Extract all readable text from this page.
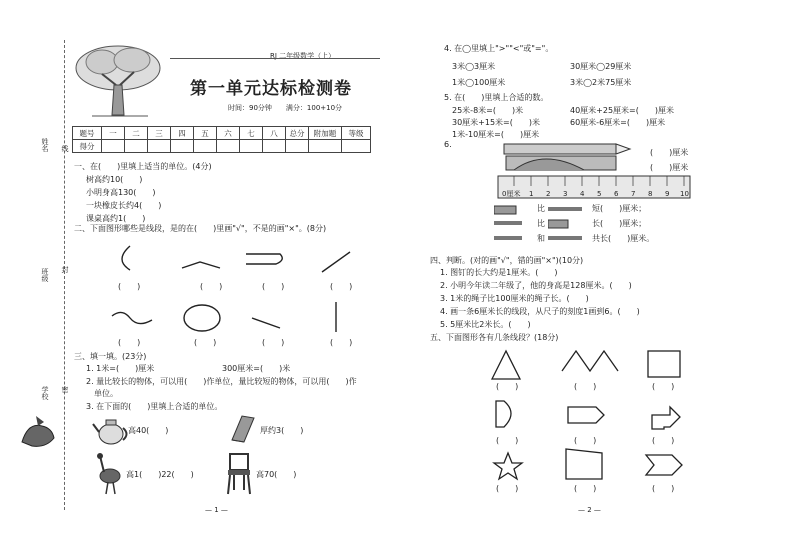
姓名 线
班级 封
学校 密
RJ 二年级数学（上）
第一单元达标检测卷
时间：90分钟　　满分：100+10分
题号	一	二	三	四	五	六	七	八	总分	附加题	等级
得分											
一、在(　　)里填上适当的单位。(4分)
树高约10(　　)
小明身高130(　　)
一块橡皮长约4(　　)
课桌高约1(　　)
二、下面图形哪些是线段，是的在(　　)里画"√"，不是的画"×"。(8分)
(　　)	(　　)	(　　)	(　　)
(　　)	(　　)	(　　)	(　　)
三、填一填。(23分)
1. 1米=(　　)厘米	300厘米=(　　)米
2. 量比较长的物体，可以用(　　)作单位，量比较短的物体，可以用(　　)作
单位。
3. 在下面的(　　)里填上合适的单位。
高40(　　)	厚约3(　　)
高1(　　)22(　　)	高70(　　)
— 1 —
4. 在◯里填上">""<"或"="。
3米◯3厘米	30厘米◯29厘米
1米◯100厘米	3米◯2米75厘米
5. 在(　　)里填上合适的数。
25米-8米=(　　)米	40厘米+25厘米=(　　)厘米
30厘米+15米=(　　)米	60厘米-6厘米=(　　)厘米
1米-10厘米=(　　)厘米
6.
0厘米 1 2 3 4 5 6 7 8 9 10
(　　)厘米
(　　)厘米
比	短(　　)厘米；
比	长(　　)厘米；
和	共长(　　)厘米。
四、判断。(对的画"√"，错的画"×")(10分)
1. 图钉的长大约是1厘米。(　　)
2. 小明今年读二年级了，他的身高是128厘米。(　　)
3. 1米的绳子比100厘米的绳子长。(　　)
4. 画一条6厘米长的线段，从尺子的刻度1画到6。(　　)
5. 5厘米比2米长。(　　)
五、下面图形各有几条线段？(18分)
(　　)	(　　)	(　　)
(　　)	(　　)	(　　)
(　　)	(　　)	(　　)
— 2 —
